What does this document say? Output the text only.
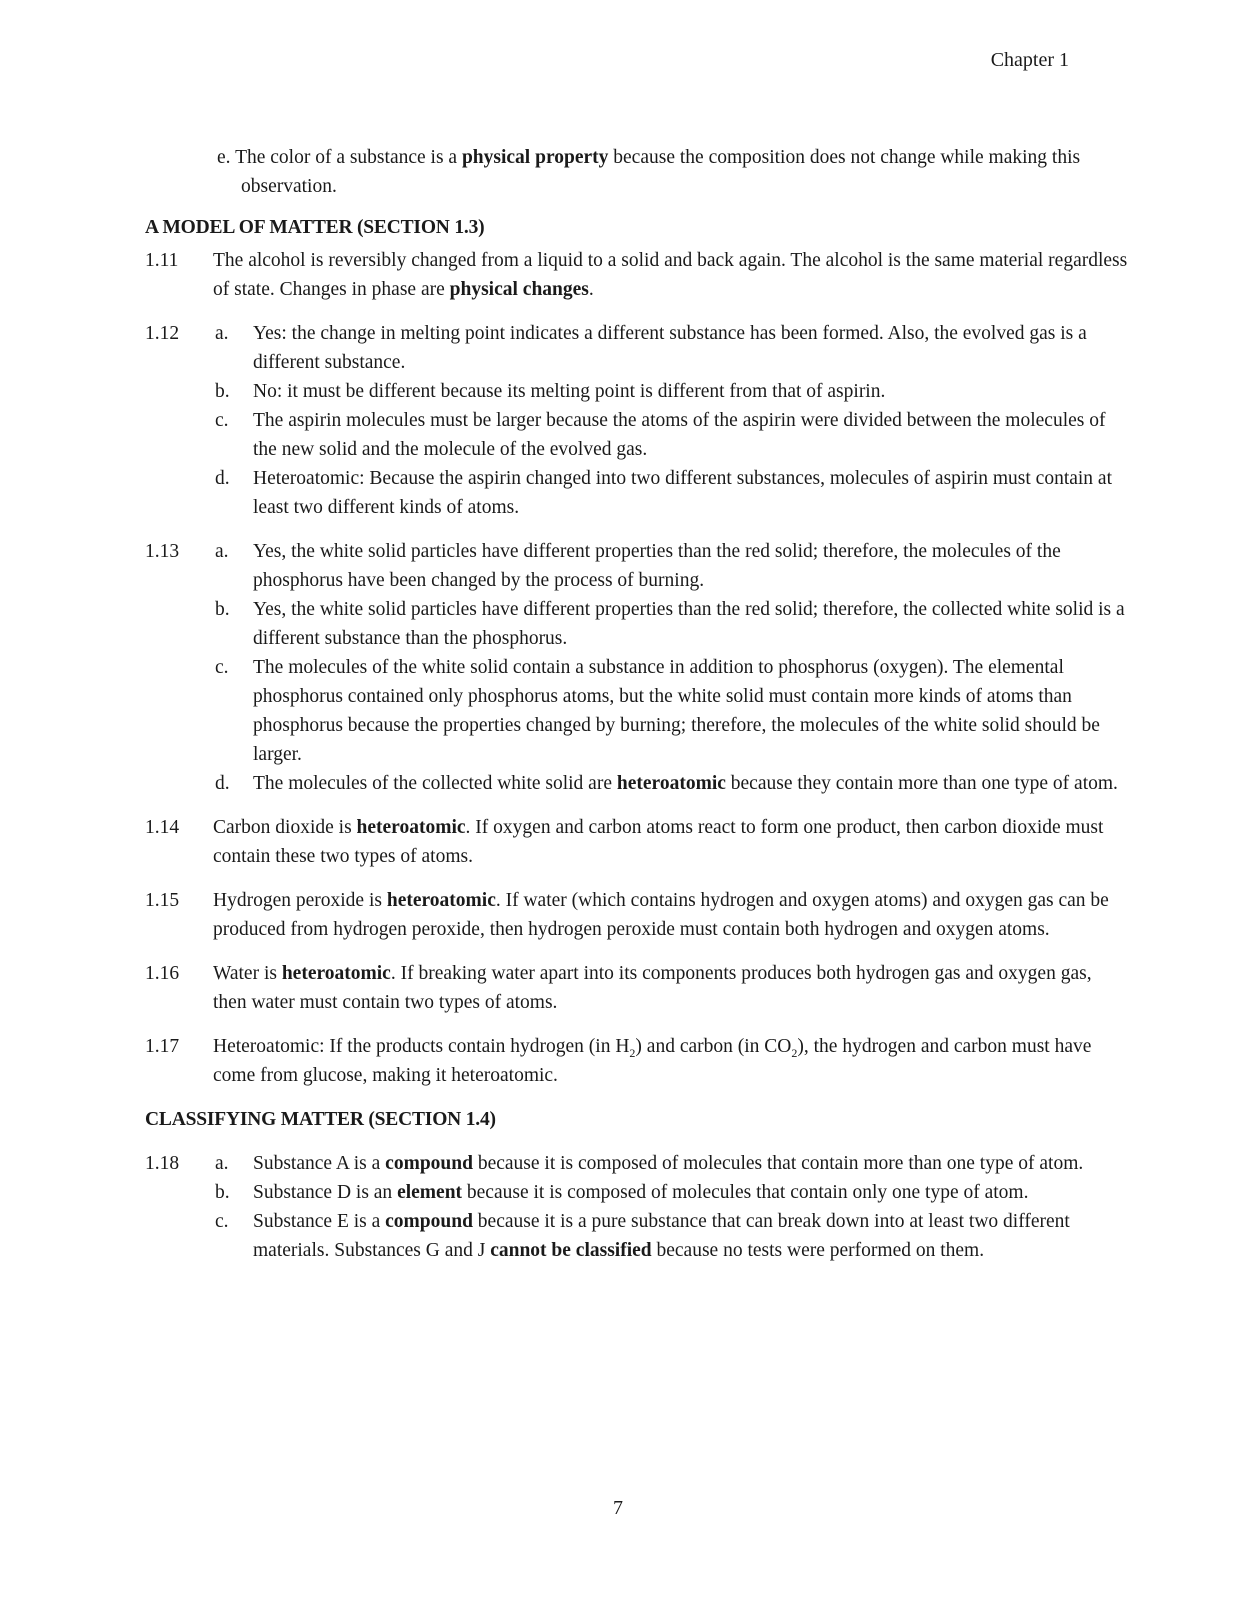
Chapter 1
e. The color of a substance is a physical property because the composition does not change while making this observation.
A MODEL OF MATTER (SECTION 1.3)
1.11	The alcohol is reversibly changed from a liquid to a solid and back again. The alcohol is the same material regardless of state. Changes in phase are physical changes.
1.12	a.	Yes: the change in melting point indicates a different substance has been formed. Also, the evolved gas is a different substance.
b.	No: it must be different because its melting point is different from that of aspirin.
c.	The aspirin molecules must be larger because the atoms of the aspirin were divided between the molecules of the new solid and the molecule of the evolved gas.
d.	Heteroatomic: Because the aspirin changed into two different substances, molecules of aspirin must contain at least two different kinds of atoms.
1.13	a.	Yes, the white solid particles have different properties than the red solid; therefore, the molecules of the phosphorus have been changed by the process of burning.
b.	Yes, the white solid particles have different properties than the red solid; therefore, the collected white solid is a different substance than the phosphorus.
c.	The molecules of the white solid contain a substance in addition to phosphorus (oxygen). The elemental phosphorus contained only phosphorus atoms, but the white solid must contain more kinds of atoms than phosphorus because the properties changed by burning; therefore, the molecules of the white solid should be larger.
d.	The molecules of the collected white solid are heteroatomic because they contain more than one type of atom.
1.14	Carbon dioxide is heteroatomic. If oxygen and carbon atoms react to form one product, then carbon dioxide must contain these two types of atoms.
1.15	Hydrogen peroxide is heteroatomic. If water (which contains hydrogen and oxygen atoms) and oxygen gas can be produced from hydrogen peroxide, then hydrogen peroxide must contain both hydrogen and oxygen atoms.
1.16	Water is heteroatomic. If breaking water apart into its components produces both hydrogen gas and oxygen gas, then water must contain two types of atoms.
1.17	Heteroatomic: If the products contain hydrogen (in $H_2$) and carbon (in $CO_2$), the hydrogen and carbon must have come from glucose, making it heteroatomic.
CLASSIFYING MATTER (SECTION 1.4)
1.18	a.	Substance A is a compound because it is composed of molecules that contain more than one type of atom.
b.	Substance D is an element because it is composed of molecules that contain only one type of atom.
c.	Substance E is a compound because it is a pure substance that can break down into at least two different materials. Substances G and J cannot be classified because no tests were performed on them.
7
